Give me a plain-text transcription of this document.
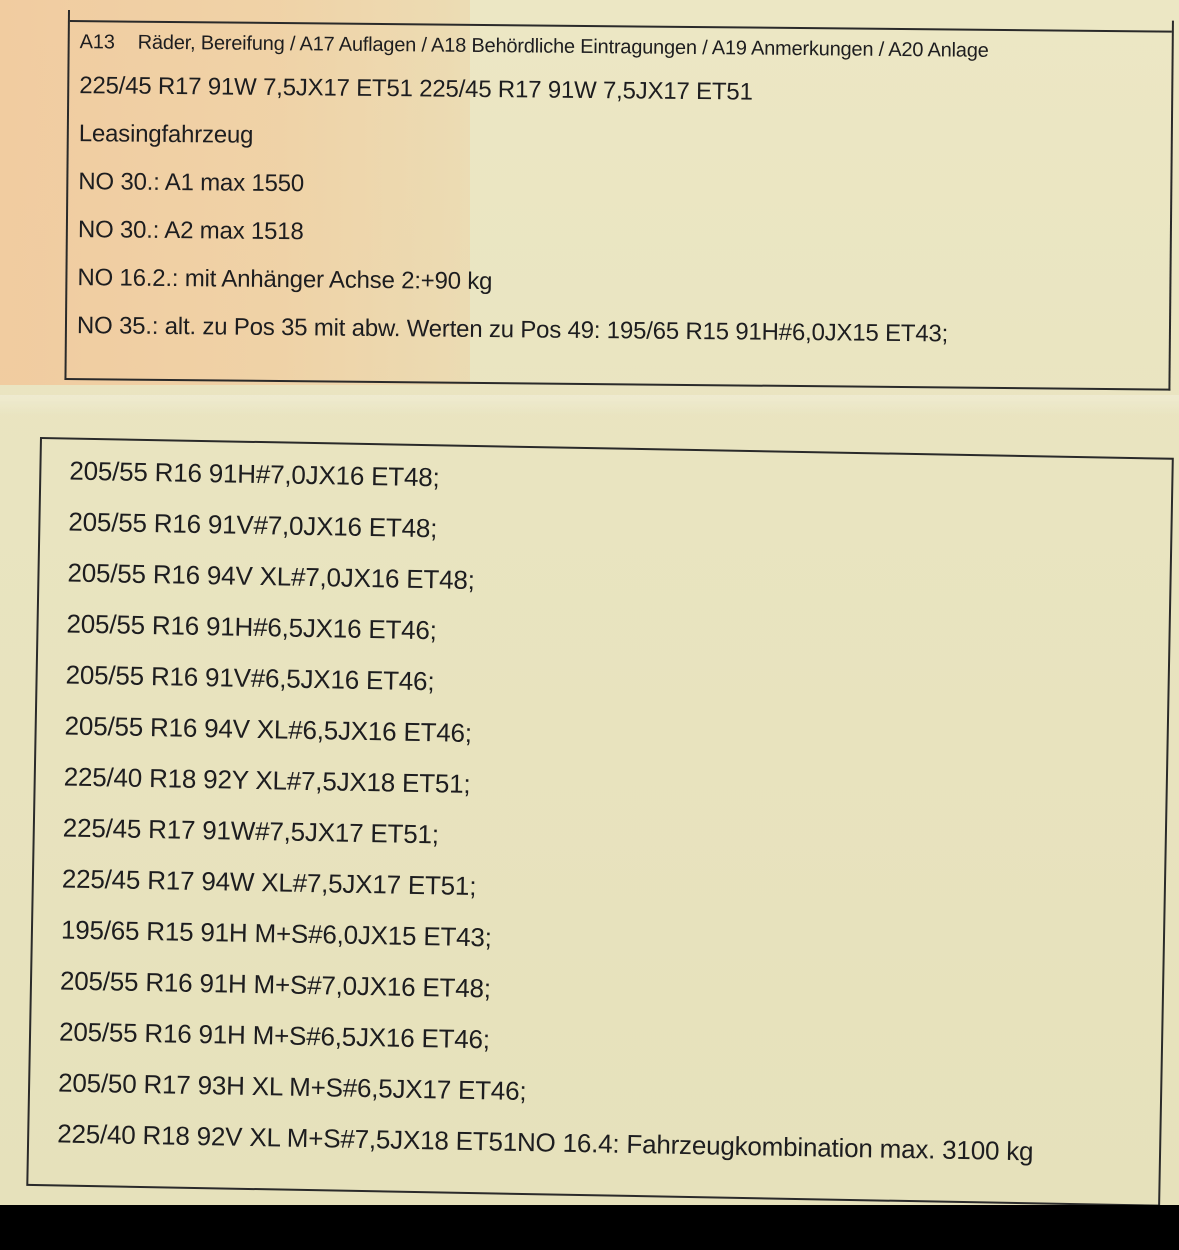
A13 Räder, Bereifung / A17 Auflagen / A18 Behördliche Eintragungen / A19 Anmerkungen / A20 Anlage
225/45 R17 91W 7,5JX17 ET51 225/45 R17 91W 7,5JX17 ET51
Leasingfahrzeug
NO 30.: A1 max 1550
NO 30.: A2 max 1518
NO 16.2.: mit Anhänger Achse 2:+90 kg
NO 35.: alt. zu Pos 35 mit abw. Werten zu Pos 49: 195/65 R15 91H#6,0JX15 ET43;
205/55 R16 91H#7,0JX16 ET48;
205/55 R16 91V#7,0JX16 ET48;
205/55 R16 94V XL#7,0JX16 ET48;
205/55 R16 91H#6,5JX16 ET46;
205/55 R16 91V#6,5JX16 ET46;
205/55 R16 94V XL#6,5JX16 ET46;
225/40 R18 92Y XL#7,5JX18 ET51;
225/45 R17 91W#7,5JX17 ET51;
225/45 R17 94W XL#7,5JX17 ET51;
195/65 R15 91H M+S#6,0JX15 ET43;
205/55 R16 91H M+S#7,0JX16 ET48;
205/55 R16 91H M+S#6,5JX16 ET46;
205/50 R17 93H XL M+S#6,5JX17 ET46;
225/40 R18 92V XL M+S#7,5JX18 ET51NO 16.4: Fahrzeugkombination max. 3100 kg
